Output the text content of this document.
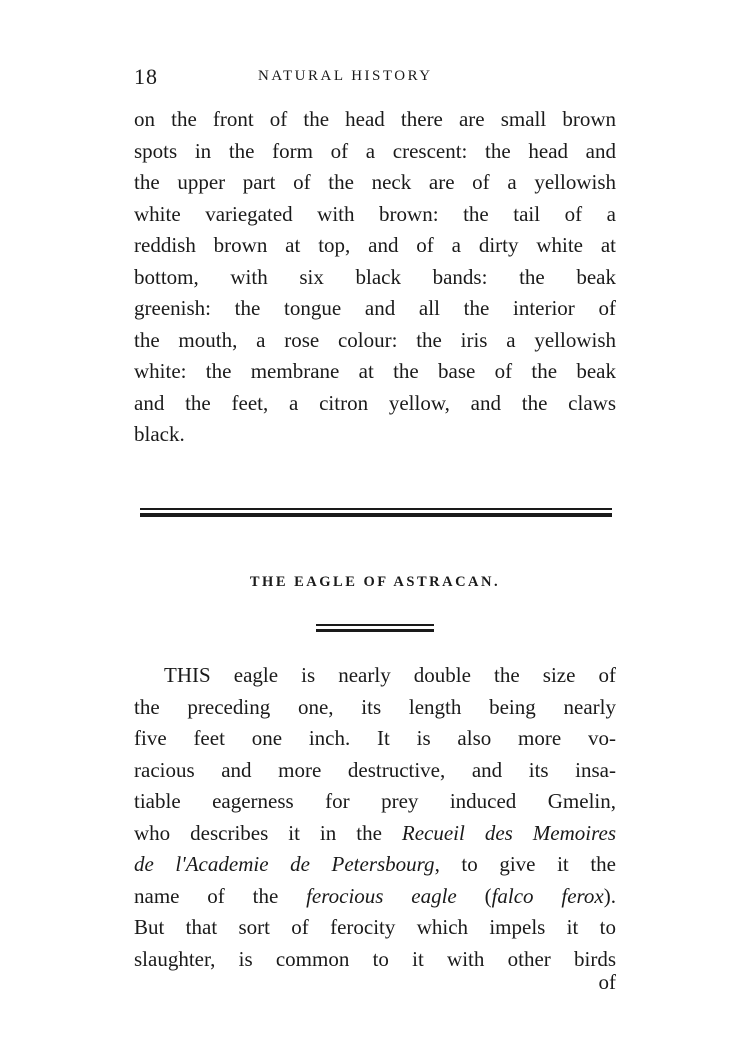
18	NATURAL HISTORY
on the front of the head there are small brown
spots in the form of a crescent: the head and
the upper part of the neck are of a yellowish
white variegated with brown: the tail of a
reddish brown at top, and of a dirty white at
bottom, with six black bands: the beak
greenish: the tongue and all the interior of
the mouth, a rose colour: the iris a yellowish
white: the membrane at the base of the beak
and the feet, a citron yellow, and the claws
black.
THE EAGLE OF ASTRACAN.
THIS eagle is nearly double the size of
the preceding one, its length being nearly
five feet one inch. It is also more vo-
racious and more destructive, and its insa-
tiable eagerness for prey induced Gmelin,
who describes it in the Recueil des Memoires
de l'Academie de Petersbourg, to give it the
name of the ferocious eagle (falco ferox).
But that sort of ferocity which impels it to
slaughter, is common to it with other birds
of
